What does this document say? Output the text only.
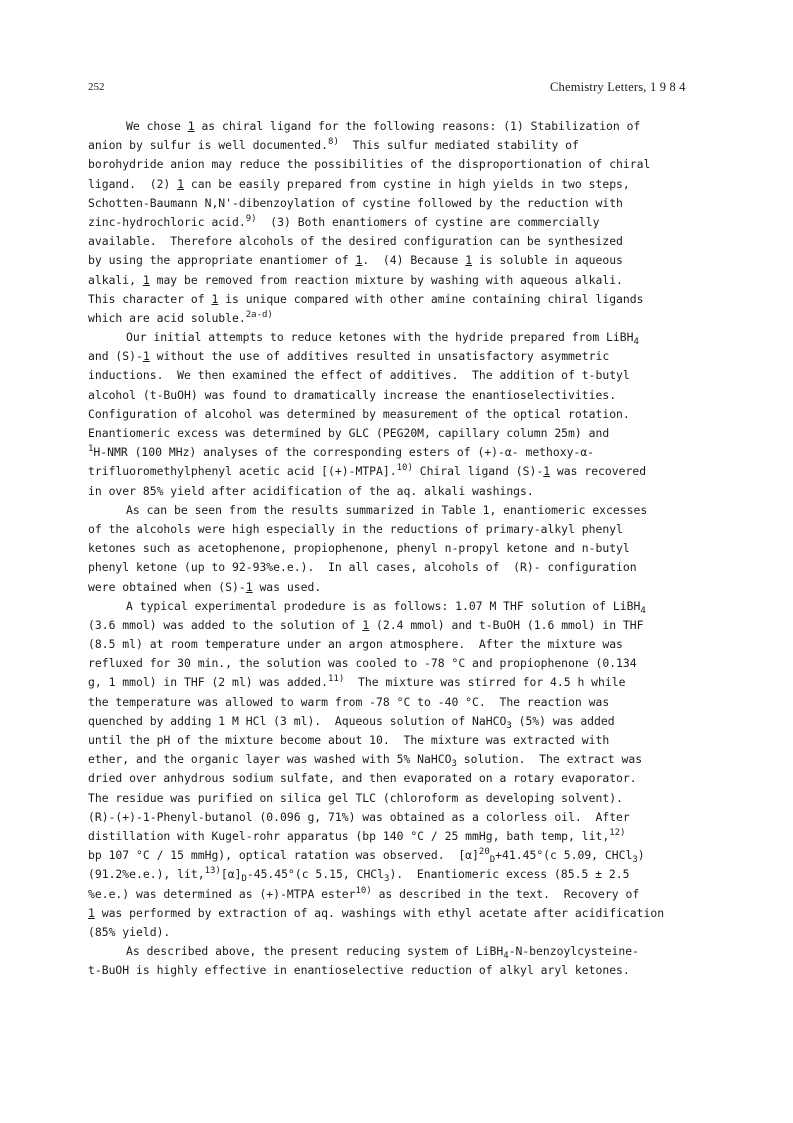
252	Chemistry Letters, 1 9 8 4
We chose 1 as chiral ligand for the following reasons: (1) Stabilization of
anion by sulfur is well documented.$^{8)}$  This sulfur mediated stability of
borohydride anion may reduce the possibilities of the disproportionation of chiral
ligand.  (2) 1 can be easily prepared from cystine in high yields in two steps,
Schotten-Baumann N,N'-dibenzoylation of cystine followed by the reduction with
zinc-hydrochloric acid.$^{9)}$  (3) Both enantiomers of cystine are commercially
available.  Therefore alcohols of the desired configuration can be synthesized
by using the appropriate enantiomer of 1.  (4) Because 1 is soluble in aqueous
alkali, 1 may be removed from reaction mixture by washing with aqueous alkali.
This character of 1 is unique compared with other amine containing chiral ligands
which are acid soluble.$^{2a-d)}$
Our initial attempts to reduce ketones with the hydride prepared from LiBH$_4$
and (S)-1 without the use of additives resulted in unsatisfactory asymmetric
inductions.  We then examined the effect of additives.  The addition of t-butyl
alcohol (t-BuOH) was found to dramatically increase the enantioselectivities.
Configuration of alcohol was determined by measurement of the optical rotation.
Enantiomeric excess was determined by GLC (PEG20M, capillary column 25m) and
$^1$H-NMR (100 MHz) analyses of the corresponding esters of (+)-α- methoxy-α-
trifluoromethylphenyl acetic acid [(+)-MTPA].$^{10)}$ Chiral ligand (S)-1 was recovered
in over 85% yield after acidification of the aq. alkali washings.
As can be seen from the results summarized in Table 1, enantiomeric excesses
of the alcohols were high especially in the reductions of primary-alkyl phenyl
ketones such as acetophenone, propiophenone, phenyl n-propyl ketone and n-butyl
phenyl ketone (up to 92-93%e.e.).  In all cases, alcohols of  (R)- configuration
were obtained when (S)-1 was used.
A typical experimental prodedure is as follows: 1.07 M THF solution of LiBH$_4$
(3.6 mmol) was added to the solution of 1 (2.4 mmol) and t-BuOH (1.6 mmol) in THF
(8.5 ml) at room temperature under an argon atmosphere.  After the mixture was
refluxed for 30 min., the solution was cooled to -78 °C and propiophenone (0.134
g, 1 mmol) in THF (2 ml) was added.$^{11)}$  The mixture was stirred for 4.5 h while
the temperature was allowed to warm from -78 °C to -40 °C.  The reaction was
quenched by adding 1 M HCl (3 ml).  Aqueous solution of NaHCO$_3$ (5%) was added
until the pH of the mixture become about 10.  The mixture was extracted with
ether, and the organic layer was washed with 5% NaHCO$_3$ solution.  The extract was
dried over anhydrous sodium sulfate, and then evaporated on a rotary evaporator.
The residue was purified on silica gel TLC (chloroform as developing solvent).
(R)-(+)-1-Phenyl-butanol (0.096 g, 71%) was obtained as a colorless oil.  After
distillation with Kugel-rohr apparatus (bp 140 °C / 25 mmHg, bath temp, lit,$^{12)}$
bp 107 °C / 15 mmHg), optical ratation was observed.  $[\alpha]^{20}_D+41.45^\circ(c$ 5.09, CHCl$_3$)
(91.2%e.e.), $lit,^{13)}[\alpha]_D-45.45^\circ(c$ 5.15, CHCl$_3$).  Enantiomeric excess (85.5 ± 2.5
%e.e.) was determined as (+)-MTPA ester$^{10)}$ as described in the text.  Recovery of
1 was performed by extraction of aq. washings with ethyl acetate after acidification
(85% yield).
As described above, the present reducing system of LiBH$_4$-N-benzoylcysteine-
t-BuOH is highly effective in enantioselective reduction of alkyl aryl ketones.
